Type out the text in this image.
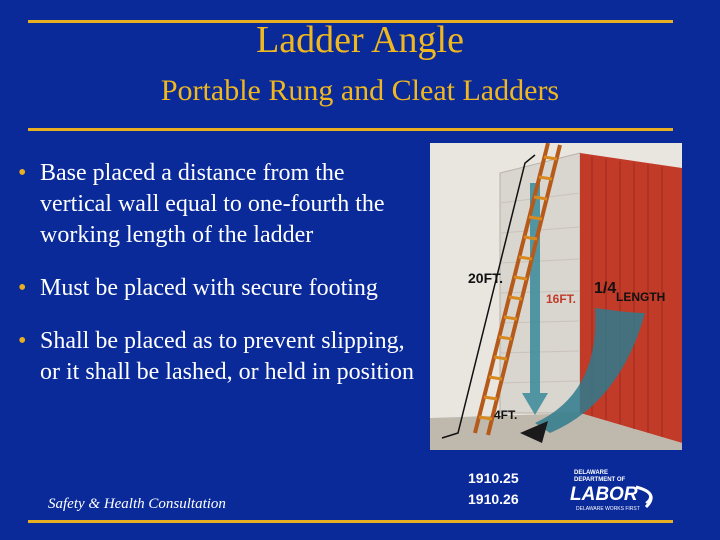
Ladder Angle
Portable Rung and Cleat Ladders
• Base placed a distance from the vertical wall equal to one-fourth the working length of the ladder
• Must be placed with secure footing
• Shall be placed as to prevent slipping, or it shall be lashed, or held in position
20FT.
16FT.
1/4 LENGTH
4FT.
Safety & Health Consultation
1910.25
1910.26
DELAWARE
DEPARTMENT OF
LABOR
DELAWARE WORKS FIRST
